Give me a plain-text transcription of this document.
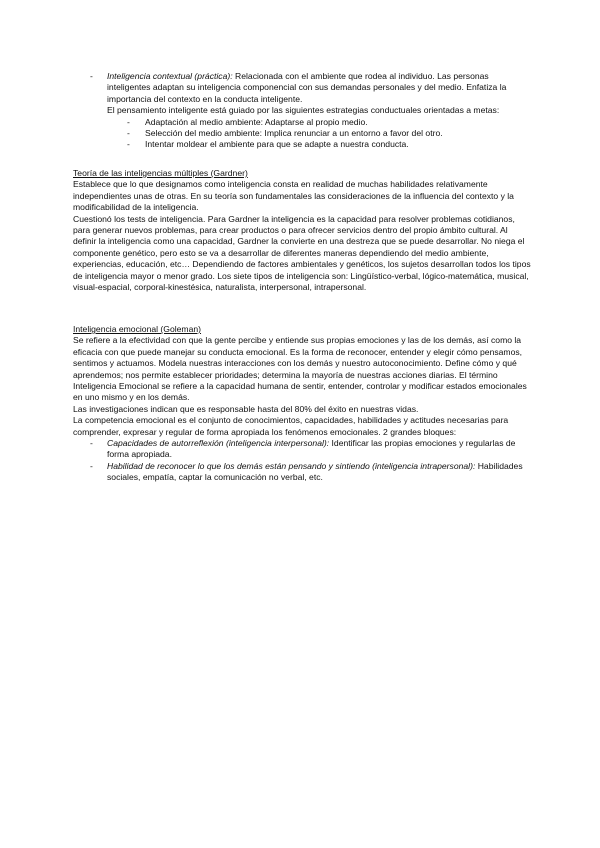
- Inteligencia contextual (práctica): Relacionada con el ambiente que rodea al individuo. Las personas inteligentes adaptan su inteligencia componencial con sus demandas personales y del medio. Enfatiza la importancia del contexto en la conducta inteligente.

El pensamiento inteligente está guiado por las siguientes estrategias conductuales orientadas a metas:

- Adaptación al medio ambiente: Adaptarse al propio medio.

- Selección del medio ambiente: Implica renunciar a un entorno a favor del otro.

- Intentar moldear el ambiente para que se adapte a nuestra conducta.

Teoría de las inteligencias múltiples (Gardner)

Establece que lo que designamos como inteligencia consta en realidad de muchas habilidades relativamente independientes unas de otras. En su teoría son fundamentales las consideraciones de la influencia del contexto y la modificabilidad de la inteligencia.

Cuestionó los tests de inteligencia. Para Gardner la inteligencia es la capacidad para resolver problemas cotidianos, para generar nuevos problemas, para crear productos o para ofrecer servicios dentro del propio ámbito cultural. Al definir la inteligencia como una capacidad, Gardner la convierte en una destreza que se puede desarrollar. No niega el componente genético, pero esto se va a desarrollar de diferentes maneras dependiendo del medio ambiente, experiencias, educación, etc… Dependiendo de factores ambientales y genéticos, los sujetos desarrollan todos los tipos de inteligencia mayor o menor grado. Los siete tipos de inteligencia son: Lingüístico-verbal, lógico-matemática, musical, visual-espacial, corporal-kinestésica, naturalista, interpersonal, intrapersonal.

Inteligencia emocional (Goleman)

Se refiere a la efectividad con que la gente percibe y entiende sus propias emociones y las de los demás, así como la eficacia con que puede manejar su conducta emocional. Es la forma de reconocer, entender y elegir cómo pensamos, sentimos y actuamos. Modela nuestras interacciones con los demás y nuestro autoconocimiento. Define cómo y qué aprendemos; nos permite establecer prioridades; determina la mayoría de nuestras acciones diarias. El término Inteligencia Emocional se refiere a la capacidad humana de sentir, entender, controlar y modificar estados emocionales en uno mismo y en los demás.

Las investigaciones indican que es responsable hasta del 80% del éxito en nuestras vidas.

La competencia emocional es el conjunto de conocimientos, capacidades, habilidades y actitudes necesarias para comprender, expresar y regular de forma apropiada los fenómenos emocionales. 2 grandes bloques:

- Capacidades de autorreflexión (inteligencia interpersonal): Identificar las propias emociones y regularlas de forma apropiada.

- Habilidad de reconocer lo que los demás están pensando y sintiendo (inteligencia intrapersonal): Habilidades sociales, empatía, captar la comunicación no verbal, etc.
